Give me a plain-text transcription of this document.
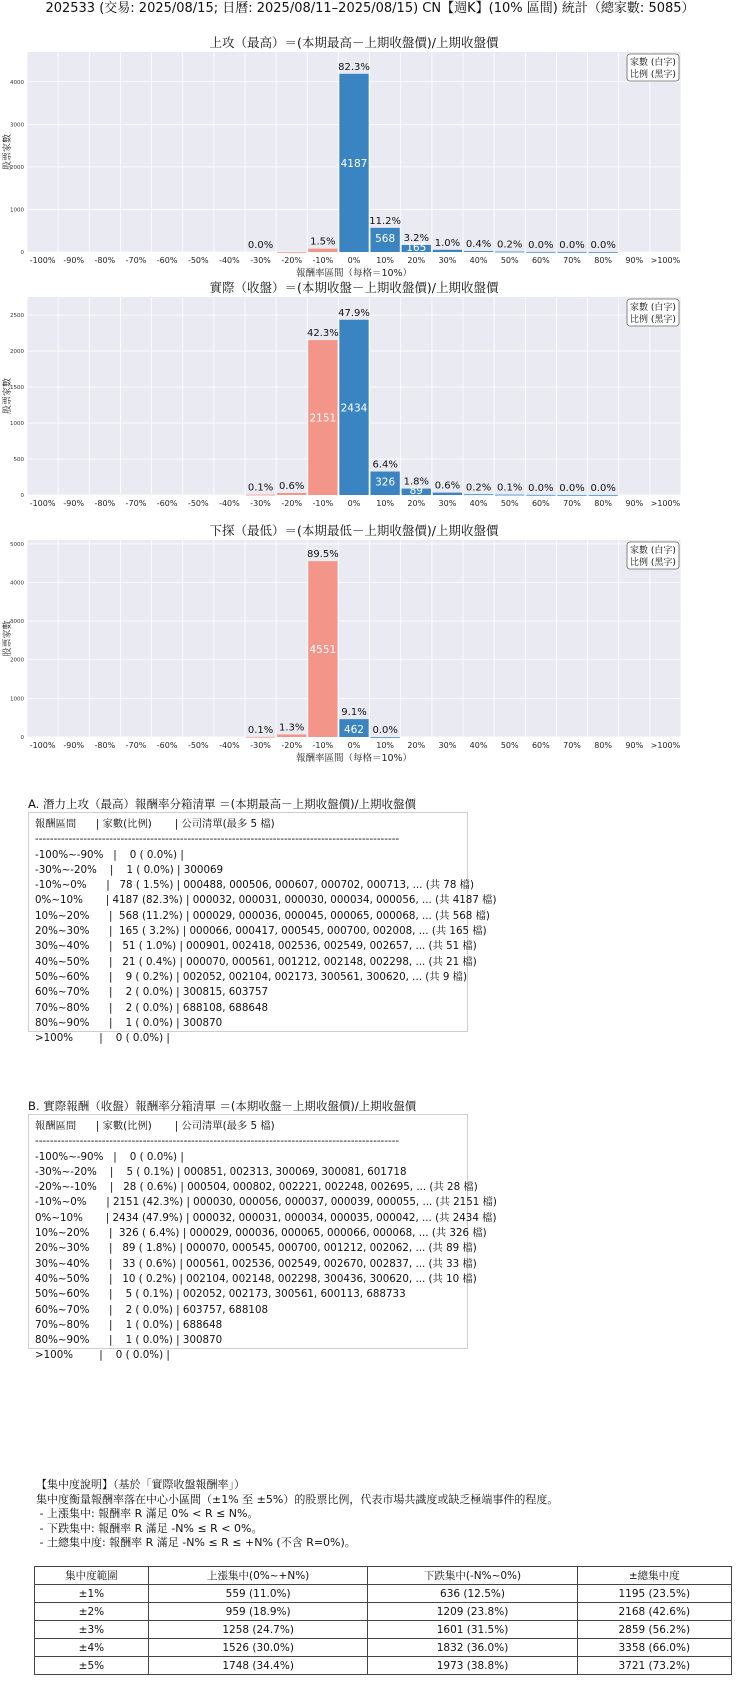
202533 (交易: 2025/08/15; 日曆: 2025/08/11–2025/08/15) CN【週K】(10% 區間) 統計（總家數: 5085）
上攻（最高）＝(本期最高－上期收盤價)/上期收盤價
0
1000
2000
3000
4000
股票家數
-100% -90% -80% -70% -60% -50% -40%
0.0%
-30% -20%
1.5%
-10%
82.3%
4187
0%
11.2%
568
10%
3.2%
165
20%
1.0%
30%
0.4%
40%
0.2%
50%
0.0%
60%
0.0%
70%
0.0%
80% 90% >100%
報酬率區間（每格＝10%）
家數 (白字)
比例 (黑字)
實際（收盤）＝(本期收盤－上期收盤價)/上期收盤價
0
500
1000
1500
2000
2500
股票家數
-100% -90% -80% -70% -60% -50% -40%
0.1%
-30%
0.6%
-20%
42.3%
2151
-10%
47.9%
2434
0%
6.4%
326
10%
1.8%
89
20%
0.6%
30%
0.2%
40%
0.1%
50%
0.0%
60%
0.0%
70%
0.0%
80% 90% >100%
家數 (白字)
比例 (黑字)
下探（最低）＝(本期最低－上期收盤價)/上期收盤價
0
1000
2000
3000
4000
5000
股票家數
-100% -90% -80% -70% -60% -50% -40%
0.1%
-30%
1.3%
-20%
89.5%
4551
-10%
9.1%
462
0%
0.0%
10% 20% 30% 40% 50% 60% 70% 80% 90% >100%
報酬率區間（每格＝10%）
家數 (白字)
比例 (黑字)
A. 潛力上攻（最高）報酬率分箱清單 ＝(本期最高－上期收盤價)/上期收盤價
報酬區間      | 家數(比例)       | 公司清單(最多 5 檔)
--------------------------------------------------------------------------------------------------
-100%~-90%   |    0 ( 0.0%) |
-30%~-20%    |    1 ( 0.0%) | 300069
-10%~0%      |   78 ( 1.5%) | 000488, 000506, 000607, 000702, 000713, ... (共 78 檔)
0%~10%       | 4187 (82.3%) | 000032, 000031, 000030, 000034, 000056, ... (共 4187 檔)
10%~20%      |  568 (11.2%) | 000029, 000036, 000045, 000065, 000068, ... (共 568 檔)
20%~30%      |  165 ( 3.2%) | 000066, 000417, 000545, 000700, 002008, ... (共 165 檔)
30%~40%      |   51 ( 1.0%) | 000901, 002418, 002536, 002549, 002657, ... (共 51 檔)
40%~50%      |   21 ( 0.4%) | 000070, 000561, 001212, 002148, 002298, ... (共 21 檔)
50%~60%      |    9 ( 0.2%) | 002052, 002104, 002173, 300561, 300620, ... (共 9 檔)
60%~70%      |    2 ( 0.0%) | 300815, 603757
70%~80%      |    2 ( 0.0%) | 688108, 688648
80%~90%      |    1 ( 0.0%) | 300870
>100%        |    0 ( 0.0%) |
B. 實際報酬（收盤）報酬率分箱清單 ＝(本期收盤－上期收盤價)/上期收盤價
報酬區間      | 家數(比例)       | 公司清單(最多 5 檔)
--------------------------------------------------------------------------------------------------
-100%~-90%   |    0 ( 0.0%) |
-30%~-20%    |    5 ( 0.1%) | 000851, 002313, 300069, 300081, 601718
-20%~-10%    |   28 ( 0.6%) | 000504, 000802, 002221, 002248, 002695, ... (共 28 檔)
-10%~0%      | 2151 (42.3%) | 000030, 000056, 000037, 000039, 000055, ... (共 2151 檔)
0%~10%       | 2434 (47.9%) | 000032, 000031, 000034, 000035, 000042, ... (共 2434 檔)
10%~20%      |  326 ( 6.4%) | 000029, 000036, 000065, 000066, 000068, ... (共 326 檔)
20%~30%      |   89 ( 1.8%) | 000070, 000545, 000700, 001212, 002062, ... (共 89 檔)
30%~40%      |   33 ( 0.6%) | 000561, 002536, 002549, 002670, 002837, ... (共 33 檔)
40%~50%      |   10 ( 0.2%) | 002104, 002148, 002298, 300436, 300620, ... (共 10 檔)
50%~60%      |    5 ( 0.1%) | 002052, 002173, 300561, 600113, 688733
60%~70%      |    2 ( 0.0%) | 603757, 688108
70%~80%      |    1 ( 0.0%) | 688648
80%~90%      |    1 ( 0.0%) | 300870
>100%        |    0 ( 0.0%) |
【集中度說明】（基於「實際收盤報酬率」）
集中度衡量報酬率落在中心小區間（±1% 至 ±5%）的股票比例，代表市場共識度或缺乏極端事件的程度。
- 上漲集中: 報酬率 R 滿足 0% < R ≤ N%。
- 下跌集中: 報酬率 R 滿足 -N% ≤ R < 0%。
- 土總集中度: 報酬率 R 滿足 -N% ≤ R ≤ +N% (不含 R=0%)。
集中度範圍	上漲集中(0%~+N%)	下跌集中(-N%~0%)	±總集中度
±1%	559 (11.0%)	636 (12.5%)	1195 (23.5%)
±2%	959 (18.9%)	1209 (23.8%)	2168 (42.6%)
±3%	1258 (24.7%)	1601 (31.5%)	2859 (56.2%)
±4%	1526 (30.0%)	1832 (36.0%)	3358 (66.0%)
±5%	1748 (34.4%)	1973 (38.8%)	3721 (73.2%)
